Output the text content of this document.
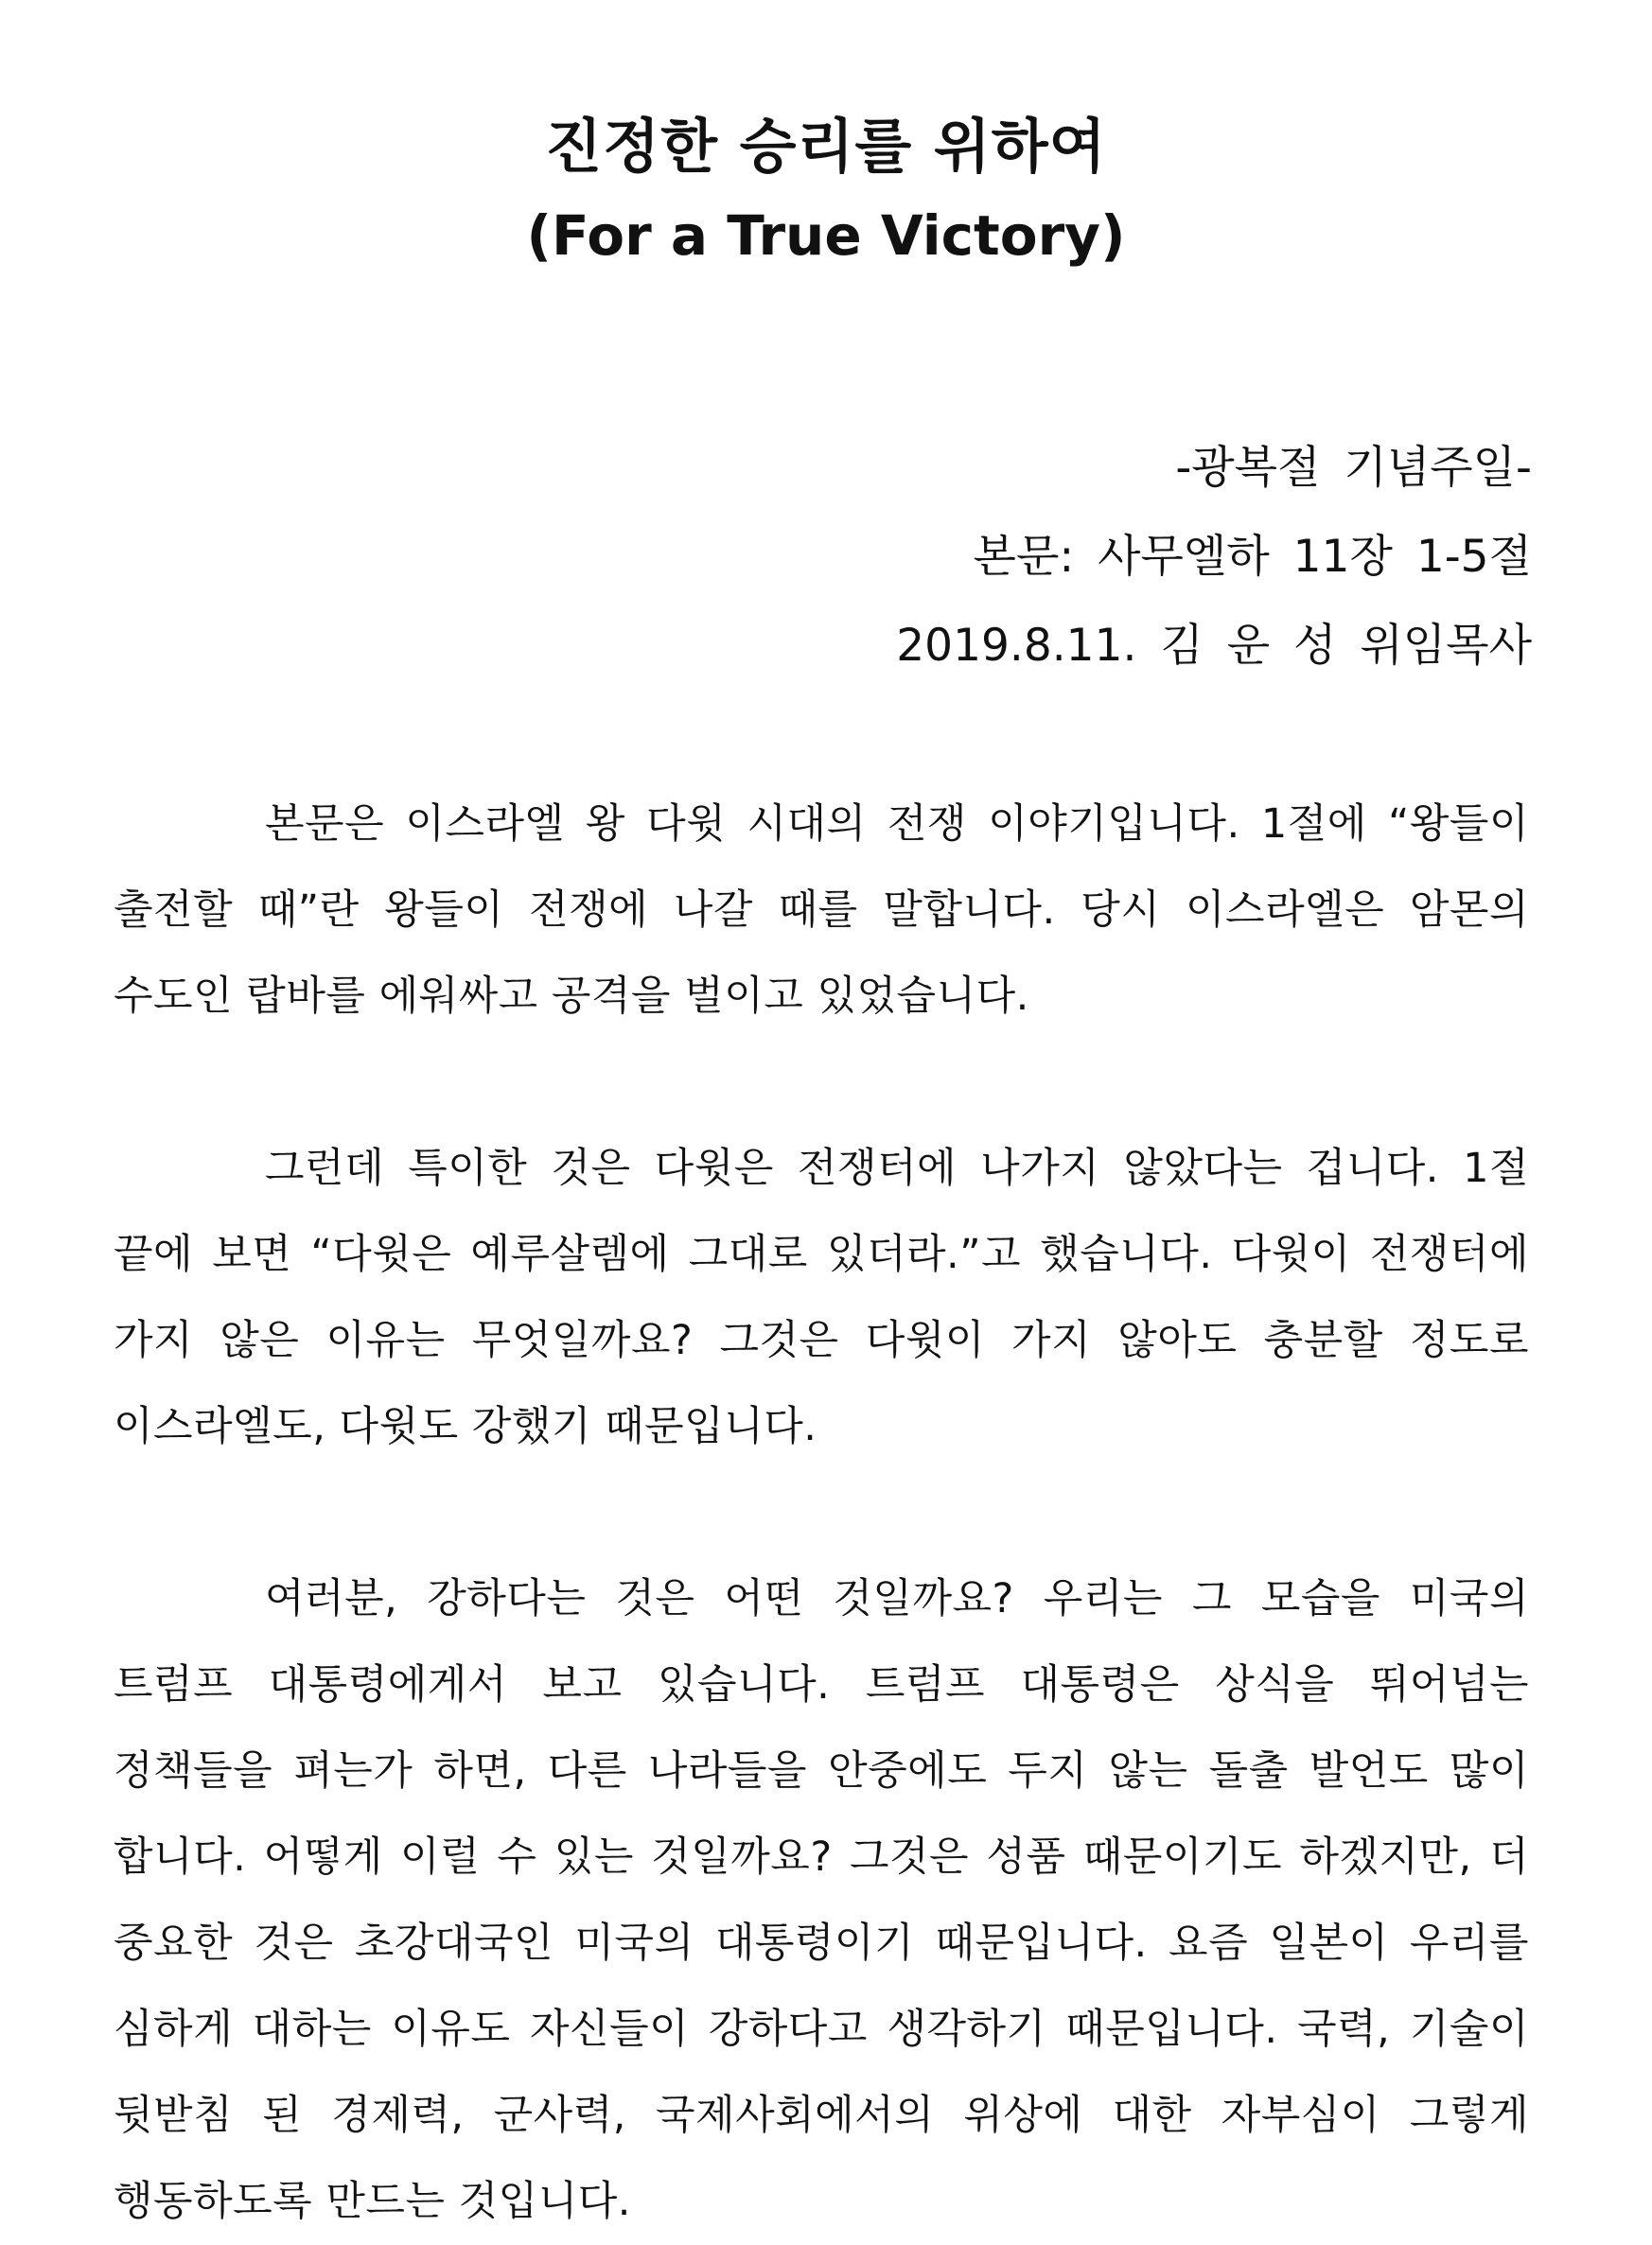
진정한 승리를 위하여
(For a True Victory)
-광복절 기념주일-
본문: 사무엘하 11장 1-5절
2019.8.11. 김 운 성 위임목사

본문은 이스라엘 왕 다윗 시대의 전쟁 이야기입니다. 1절에 “왕들이 출전할 때”란 왕들이 전쟁에 나갈 때를 말합니다. 당시 이스라엘은 암몬의 수도인 랍바를 에워싸고 공격을 벌이고 있었습니다.

그런데 특이한 것은 다윗은 전쟁터에 나가지 않았다는 겁니다. 1절 끝에 보면 “다윗은 예루살렘에 그대로 있더라.”고 했습니다. 다윗이 전쟁터에 가지 않은 이유는 무엇일까요? 그것은 다윗이 가지 않아도 충분할 정도로 이스라엘도, 다윗도 강했기 때문입니다.

여러분, 강하다는 것은 어떤 것일까요? 우리는 그 모습을 미국의 트럼프 대통령에게서 보고 있습니다. 트럼프 대통령은 상식을 뛰어넘는 정책들을 펴는가 하면, 다른 나라들을 안중에도 두지 않는 돌출 발언도 많이 합니다. 어떻게 이럴 수 있는 것일까요? 그것은 성품 때문이기도 하겠지만, 더 중요한 것은 초강대국인 미국의 대통령이기 때문입니다. 요즘 일본이 우리를 심하게 대하는 이유도 자신들이 강하다고 생각하기 때문입니다. 국력, 기술이 뒷받침 된 경제력, 군사력, 국제사회에서의 위상에 대한 자부심이 그렇게 행동하도록 만드는 것입니다.
